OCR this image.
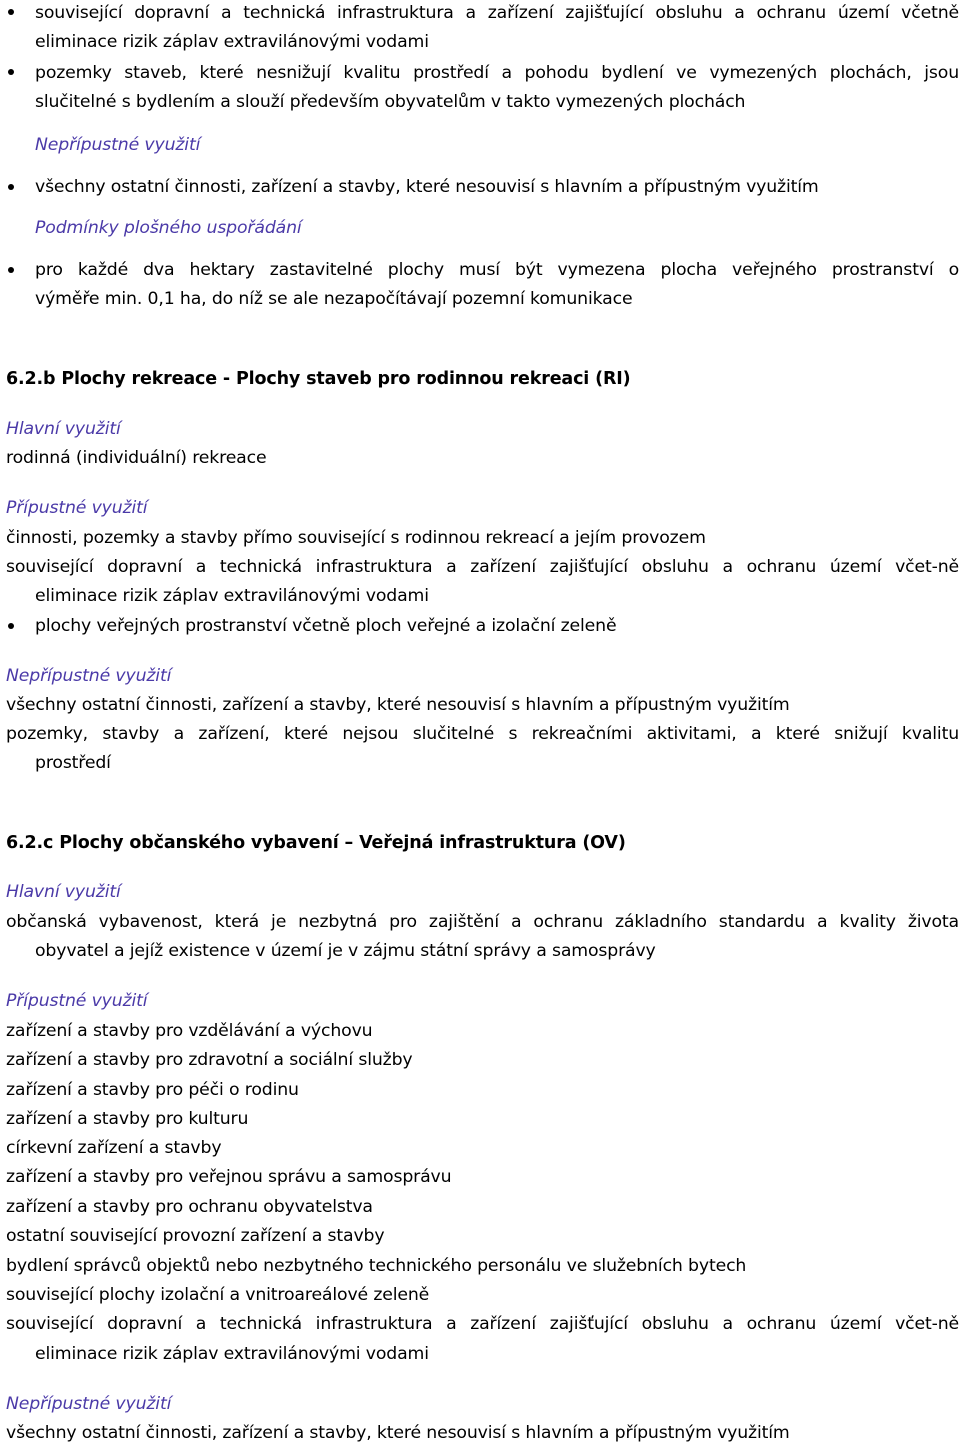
související dopravní a technická infrastruktura a zařízení zajišťující obsluhu a ochranu území včetně
eliminace rizik záplav extravilánovými vodami
pozemky staveb, které nesnižují kvalitu prostředí a pohodu bydlení ve vymezených plochách, jsou
slučitelné s bydlením a slouží především obyvatelům v takto vymezených plochách
Nepřípustné využití
všechny ostatní činnosti, zařízení a stavby, které nesouvisí s hlavním a přípustným využitím
Podmínky plošného uspořádání
pro každé dva hektary zastavitelné plochy musí být vymezena plocha veřejného prostranství o
výměře min. 0,1 ha, do níž se ale nezapočítávají pozemní komunikace
6.2.b Plochy rekreace - Plochy staveb pro rodinnou rekreaci (RI)
Hlavní využití
rodinná (individuální) rekreace
Přípustné využití
činnosti, pozemky a stavby přímo související s rodinnou rekreací a jejím provozem
související dopravní a technická infrastruktura a zařízení zajišťující obsluhu a ochranu území včet-ně
eliminace rizik záplav extravilánovými vodami
plochy veřejných prostranství včetně ploch veřejné a izolační zeleně
Nepřípustné využití
všechny ostatní činnosti, zařízení a stavby, které nesouvisí s hlavním a přípustným využitím
pozemky, stavby a zařízení, které nejsou slučitelné s rekreačními aktivitami, a které snižují kvalitu
prostředí
6.2.c Plochy občanského vybavení – Veřejná infrastruktura (OV)
Hlavní využití
občanská vybavenost, která je nezbytná pro zajištění a ochranu základního standardu a kvality života
obyvatel a jejíž existence v území je v zájmu státní správy a samosprávy
Přípustné využití
zařízení a stavby pro vzdělávání a výchovu
zařízení a stavby pro zdravotní a sociální služby
zařízení a stavby pro péči o rodinu
zařízení a stavby pro kulturu
církevní zařízení a stavby
zařízení a stavby pro veřejnou správu a samosprávu
zařízení a stavby pro ochranu obyvatelstva
ostatní související provozní zařízení a stavby
bydlení správců objektů nebo nezbytného technického personálu ve služebních bytech
související plochy izolační a vnitroareálové zeleně
související dopravní a technická infrastruktura a zařízení zajišťující obsluhu a ochranu území včet-ně
eliminace rizik záplav extravilánovými vodami
Nepřípustné využití
všechny ostatní činnosti, zařízení a stavby, které nesouvisí s hlavním a přípustným využitím
